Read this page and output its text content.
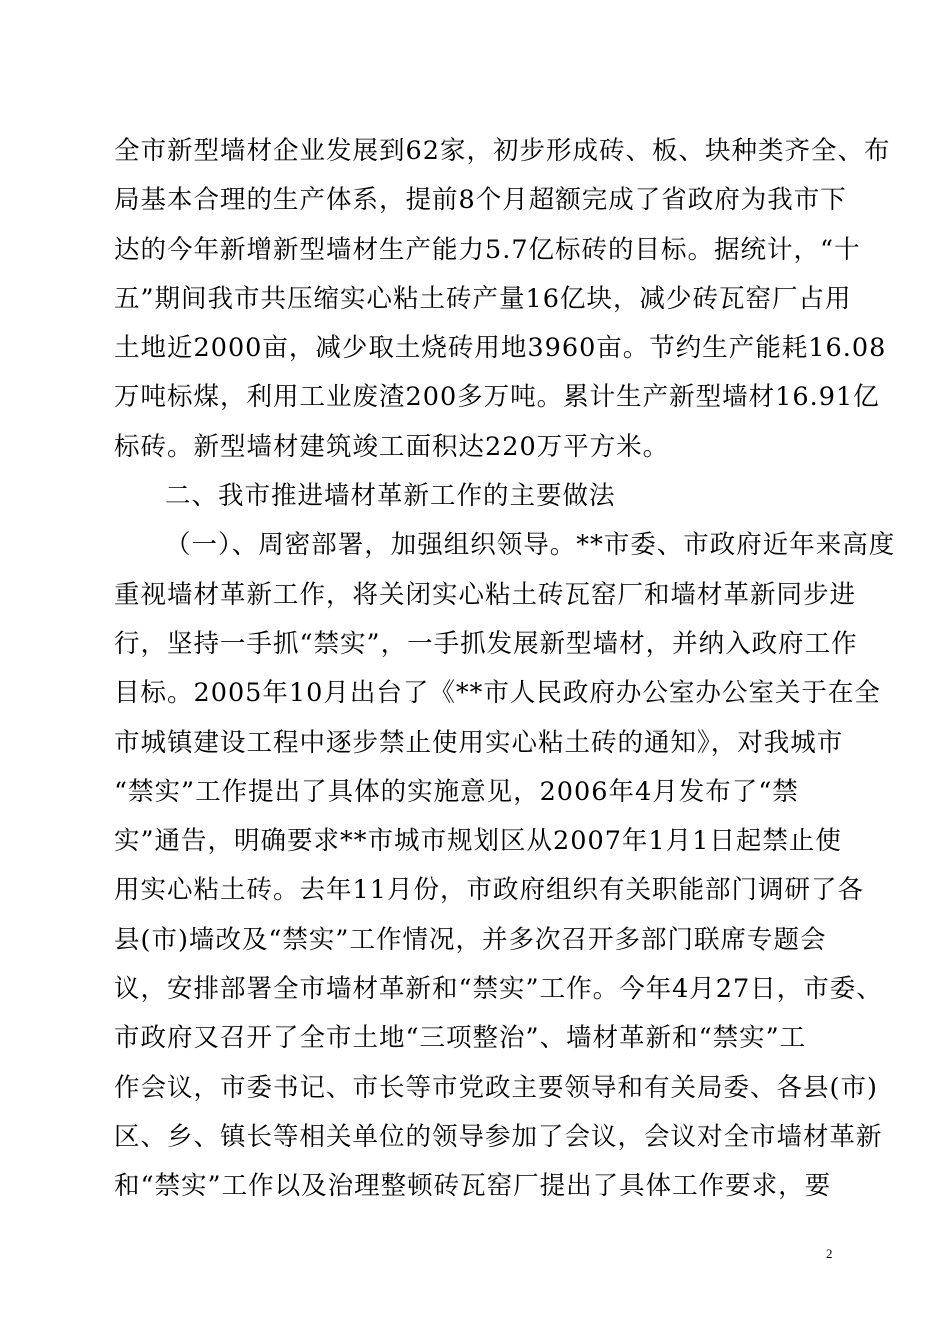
全市新型墙材企业发展到62家，初步形成砖、板、块种类齐全、布
局基本合理的生产体系，提前8个月超额完成了省政府为我市下
达的今年新增新型墙材生产能力5.7亿标砖的目标。据统计，“十
五”期间我市共压缩实心粘土砖产量16亿块，减少砖瓦窑厂占用
土地近2000亩，减少取土烧砖用地3960亩。节约生产能耗16.08
万吨标煤，利用工业废渣200多万吨。累计生产新型墙材16.91亿
标砖。新型墙材建筑竣工面积达220万平方米。
二、我市推进墙材革新工作的主要做法
（一）、周密部署，加强组织领导。**市委、市政府近年来高度
重视墙材革新工作，将关闭实心粘土砖瓦窑厂和墙材革新同步进
行，坚持一手抓“禁实”，一手抓发展新型墙材，并纳入政府工作
目标。2005年10月出台了《**市人民政府办公室办公室关于在全
市城镇建设工程中逐步禁止使用实心粘土砖的通知》，对我城市
“禁实”工作提出了具体的实施意见，2006年4月发布了“禁
实”通告，明确要求**市城市规划区从2007年1月1日起禁止使
用实心粘土砖。去年11月份，市政府组织有关职能部门调研了各
县(市)墙改及“禁实”工作情况，并多次召开多部门联席专题会
议，安排部署全市墙材革新和“禁实”工作。今年4月27日，市委、
市政府又召开了全市土地“三项整治”、墙材革新和“禁实”工
作会议，市委书记、市长等市党政主要领导和有关局委、各县(市)
区、乡、镇长等相关单位的领导参加了会议，会议对全市墙材革新
和“禁实”工作以及治理整顿砖瓦窑厂提出了具体工作要求，要
2
